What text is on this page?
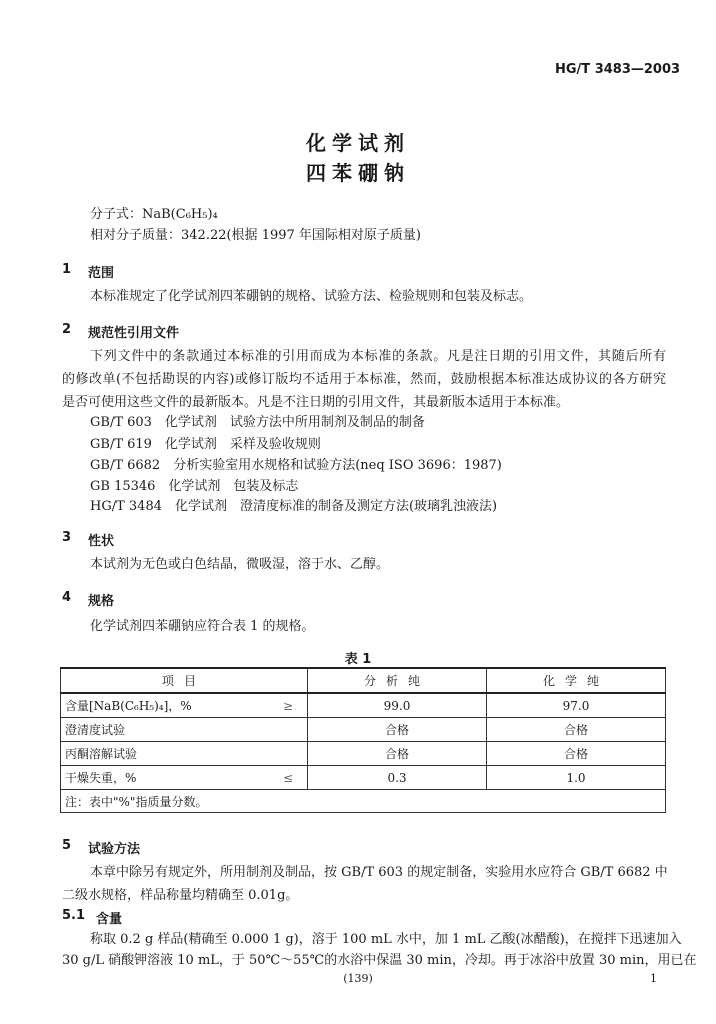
HG/T 3483—2003
化学试剂
四苯硼钠
分子式：NaB(C₆H₅)₄
相对分子质量：342.22(根据 1997 年国际相对原子质量)
1 范围
本标准规定了化学试剂四苯硼钠的规格、试验方法、检验规则和包装及标志。
2 规范性引用文件
下列文件中的条款通过本标准的引用而成为本标准的条款。凡是注日期的引用文件，其随后所有
的修改单(不包括勘误的内容)或修订版均不适用于本标准，然而，鼓励根据本标准达成协议的各方研究
是否可使用这些文件的最新版本。凡是不注日期的引用文件，其最新版本适用于本标准。
GB/T 603　化学试剂　试验方法中所用制剂及制品的制备
GB/T 619　化学试剂　采样及验收规则
GB/T 6682　分析实验室用水规格和试验方法(neq ISO 3696：1987)
GB 15346　化学试剂　包装及标志
HG/T 3484　化学试剂　澄清度标准的制备及测定方法(玻璃乳浊液法)
3 性状
本试剂为无色或白色结晶，微吸湿，溶于水、乙醇。
4 规格
化学试剂四苯硼钠应符合表 1 的规格。
表 1
项目		分析纯	化学纯
含量[NaB(C₆H₅)₄]，%	≥	99.0	97.0
澄清度试验		合格	合格
丙酮溶解试验		合格	合格
干燥失重，%	≤	0.3	1.0
注：表中"%"指质量分数。			
5 试验方法
本章中除另有规定外，所用制剂及制品，按 GB/T 603 的规定制备，实验用水应符合 GB/T 6682 中
二级水规格，样品称量均精确至 0.01g。
5.1 含量
称取 0.2 g 样品(精确至 0.000 1 g)，溶于 100 mL 水中，加 1 mL 乙酸(冰醋酸)，在搅拌下迅速加入
30 g/L 硝酸钾溶液 10 mL，于 50℃～55℃的水浴中保温 30 min，冷却。再于冰浴中放置 30 min，用已在
(139)	1
